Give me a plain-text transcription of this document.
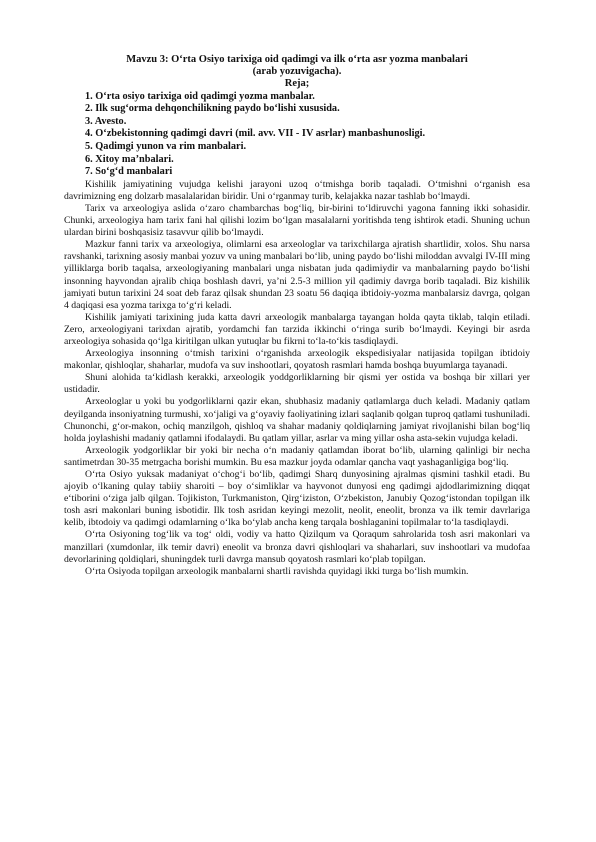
Mavzu 3: O‘rta Osiyo tarixiga oid qadimgi va ilk o‘rta asr yozma manbalari

(arab yozuvigacha).

Reja;

1. O‘rta osiyo tarixiga oid qadimgi yozma manbalar.
2. Ilk sug‘orma dehqonchilikning paydo bo‘lishi xususida.
3. Avesto.
4. O‘zbekistonning qadimgi davri (mil. avv. VII - IV asrlar) manbashunosligi.
5. Qadimgi yunon va rim manbalari.
6. Xitoy ma’nbalari.
7. So‘g‘d manbalari

Kishilik jamiyatining vujudga kelishi jarayoni uzoq o‘tmishga borib taqaladi. O‘tmishni o‘rganish esa davrimizning eng dolzarb masalalaridan biridir. Uni o‘rganmay turib, kelajakka nazar tashlab bo‘lmaydi.

Tarix va arxeologiya aslida o‘zaro chambarchas bog‘liq, bir-birini to‘ldiruvchi yagona fanning ikki sohasidir. Chunki, arxeologiya ham tarix fani hal qilishi lozim bo‘lgan masalalarni yoritishda teng ishtirok etadi. Shuning uchun ulardan birini boshqasisiz tasavvur qilib bo‘lmaydi.

Mazkur fanni tarix va arxeologiya, olimlarni esa arxeologlar va tarixchilarga ajratish shartlidir, xolos. Shu narsa ravshanki, tarixning asosiy manbai yozuv va uning manbalari bo‘lib, uning paydo bo‘lishi miloddan avvalgi IV-III ming yilliklarga borib taqalsa, arxeologiyaning manbalari unga nisbatan juda qadimiydir va manbalarning paydo bo‘lishi insonning hayvondan ajralib chiqa boshlash davri, ya’ni 2.5-3 million yil qadimiy davrga borib taqaladi. Biz kishilik jamiyati butun tarixini 24 soat deb faraz qilsak shundan 23 soatu 56 daqiqa ibtidoiy-yozma manbalarsiz davrga, qolgan 4 daqiqasi esa yozma tarixga to‘g‘ri keladi.

Kishilik jamiyati tarixining juda katta davri arxeologik manbalarga tayangan holda qayta tiklab, talqin etiladi. Zero, arxeologiyani tarixdan ajratib, yordamchi fan tarzida ikkinchi o‘ringa surib bo‘lmaydi. Keyingi bir asrda arxeologiya sohasida qo‘lga kiritilgan ulkan yutuqlar bu fikrni to‘la-to‘kis tasdiqlaydi.

Arxeologiya insonning o‘tmish tarixini o‘rganishda arxeologik ekspedisiyalar natijasida topilgan ibtidoiy makonlar, qishloqlar, shaharlar, mudofa va suv inshootlari, qoyatosh rasmlari hamda boshqa buyumlarga tayanadi.

Shuni alohida ta‘kidlash kerakki, arxeologik yoddgorliklarning bir qismi yer ostida va boshqa bir xillari yer ustidadir.

Arxeologlar u yoki bu yodgorliklarni qazir ekan, shubhasiz madaniy qatlamlarga duch keladi. Madaniy qatlam deyilganda insoniyatning turmushi, xo‘jaligi va g‘oyaviy faoliyatining izlari saqlanib qolgan tuproq qatlami tushuniladi. Chunonchi, g‘or-makon, ochiq manzilgoh, qishloq va shahar madaniy qoldiqlarning jamiyat rivojlanishi bilan bog‘liq holda joylashishi madaniy qatlamni ifodalaydi. Bu qatlam yillar, asrlar va ming yillar osha asta-sekin vujudga keladi.

Arxeologik yodgorliklar bir yoki bir necha o‘n madaniy qatlamdan iborat bo‘lib, ularning qalinligi bir necha santimetrdan 30-35 metrgacha borishi mumkin. Bu esa mazkur joyda odamlar qancha vaqt yashaganligiga bog‘liq.

O‘rta Osiyo yuksak madaniyat o‘chog‘i bo‘lib, qadimgi Sharq dunyosining ajralmas qismini tashkil etadi. Bu ajoyib o‘lkaning qulay tabiiy sharoiti – boy o‘simliklar va hayvonot dunyosi eng qadimgi ajdodlarimizning diqqat e‘tiborini o‘ziga jalb qilgan. Tojikiston, Turkmaniston, Qirg‘iziston, O‘zbekiston, Janubiy Qozog‘istondan topilgan ilk tosh asri makonlari buning isbotidir. Ilk tosh asridan keyingi mezolit, neolit, eneolit, bronza va ilk temir davrlariga kelib, ibtodoiy va qadimgi odamlarning o‘lka bo‘ylab ancha keng tarqala boshlaganini topilmalar to‘la tasdiqlaydi.

O‘rta Osiyoning tog‘lik va tog‘ oldi, vodiy va hatto Qizilqum va Qoraqum sahrolarida tosh asri makonlari va manzillari (xumdonlar, ilk temir davri) eneolit va bronza davri qishloqlari va shaharlari, suv inshootlari va mudofaa devorlarining qoldiqlari, shuningdek turli davrga mansub qoyatosh rasmlari ko‘plab topilgan.

O‘rta Osiyoda topilgan arxeologik manbalarni shartli ravishda quyidagi ikki turga bo‘lish mumkin.
